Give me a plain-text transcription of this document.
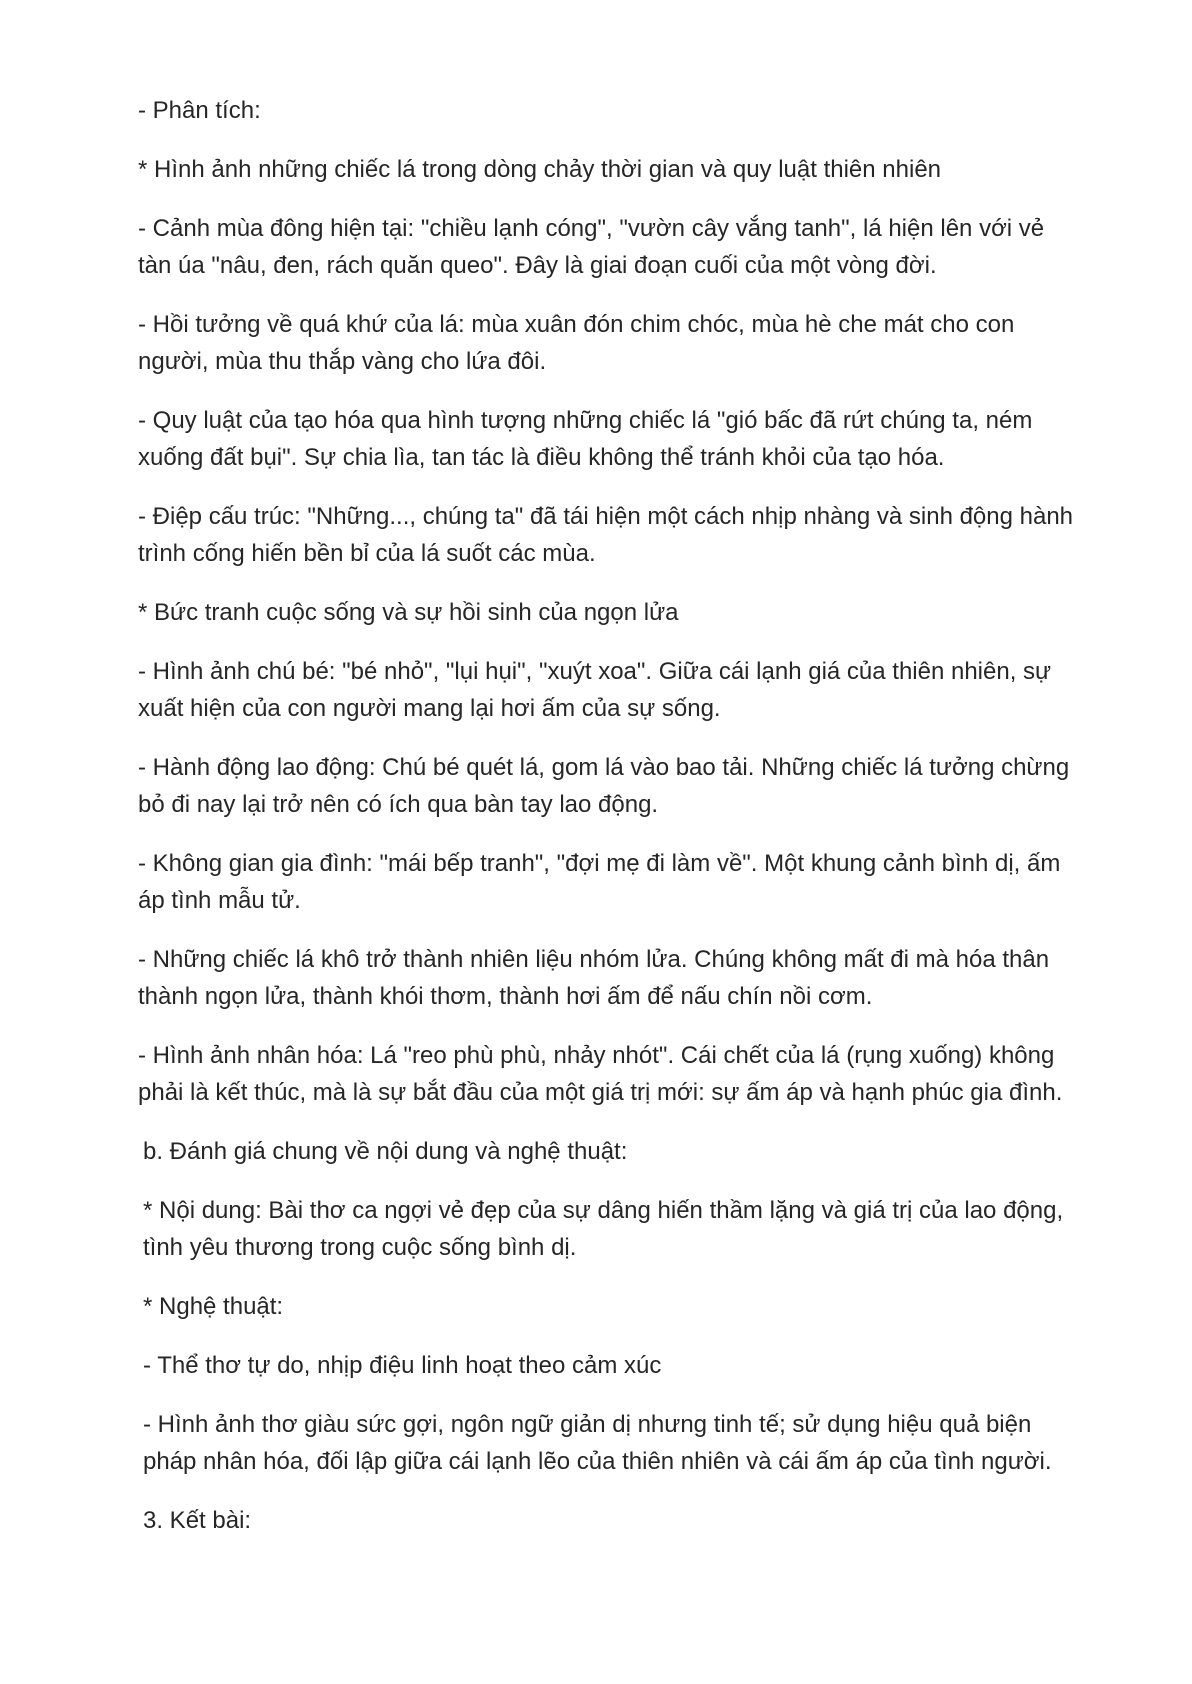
- Phân tích:

* Hình ảnh những chiếc lá trong dòng chảy thời gian và quy luật thiên nhiên

- Cảnh mùa đông hiện tại: "chiều lạnh cóng", "vườn cây vắng tanh", lá hiện lên với vẻ tàn úa "nâu, đen, rách quăn queo". Đây là giai đoạn cuối của một vòng đời.

- Hồi tưởng về quá khứ của lá: mùa xuân đón chim chóc, mùa hè che mát cho con người, mùa thu thắp vàng cho lứa đôi.

- Quy luật của tạo hóa qua hình tượng những chiếc lá "gió bấc đã rứt chúng ta, ném xuống đất bụi". Sự chia lìa, tan tác là điều không thể tránh khỏi của tạo hóa.

- Điệp cấu trúc: "Những..., chúng ta" đã tái hiện một cách nhịp nhàng và sinh động hành trình cống hiến bền bỉ của lá suốt các mùa.

* Bức tranh cuộc sống và sự hồi sinh của ngọn lửa

- Hình ảnh chú bé: "bé nhỏ", "lụi hụi", "xuýt xoa". Giữa cái lạnh giá của thiên nhiên, sự xuất hiện của con người mang lại hơi ấm của sự sống.

- Hành động lao động: Chú bé quét lá, gom lá vào bao tải. Những chiếc lá tưởng chừng bỏ đi nay lại trở nên có ích qua bàn tay lao động.

- Không gian gia đình: "mái bếp tranh", "đợi mẹ đi làm về". Một khung cảnh bình dị, ấm áp tình mẫu tử.

- Những chiếc lá khô trở thành nhiên liệu nhóm lửa. Chúng không mất đi mà hóa thân thành ngọn lửa, thành khói thơm, thành hơi ấm để nấu chín nồi cơm.

- Hình ảnh nhân hóa: Lá "reo phù phù, nhảy nhót". Cái chết của lá (rụng xuống) không phải là kết thúc, mà là sự bắt đầu của một giá trị mới: sự ấm áp và hạnh phúc gia đình.

b. Đánh giá chung về nội dung và nghệ thuật:

* Nội dung: Bài thơ ca ngợi vẻ đẹp của sự dâng hiến thầm lặng và giá trị của lao động, tình yêu thương trong cuộc sống bình dị.

* Nghệ thuật:

- Thể thơ tự do, nhịp điệu linh hoạt theo cảm xúc

- Hình ảnh thơ giàu sức gợi, ngôn ngữ giản dị nhưng tinh tế; sử dụng hiệu quả biện pháp nhân hóa, đối lập giữa cái lạnh lẽo của thiên nhiên và cái ấm áp của tình người.

3. Kết bài:
